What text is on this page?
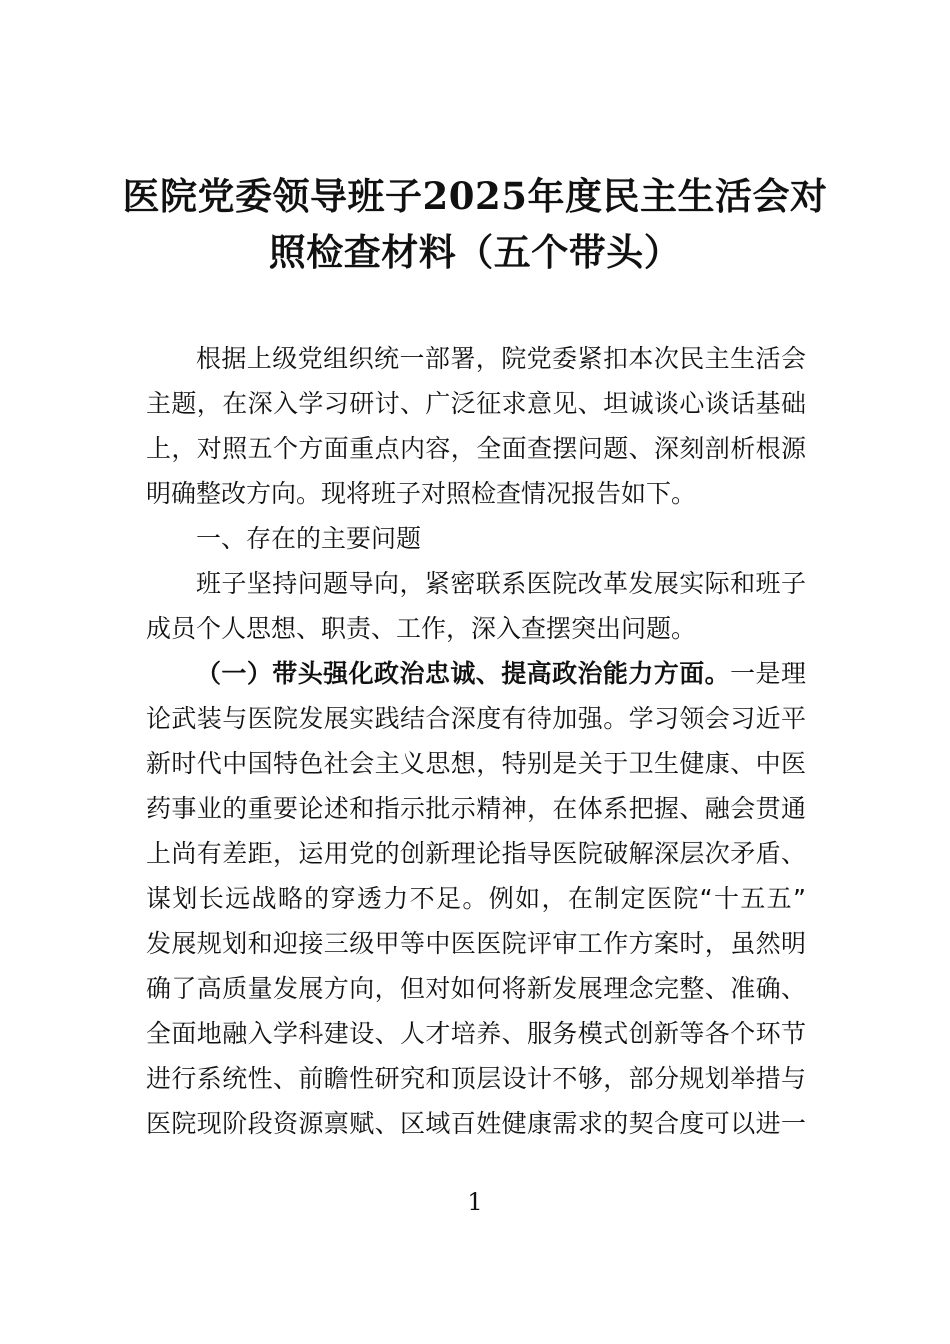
医院党委领导班子2025年度民主生活会对
照检查材料（五个带头）

根据上级党组织统一部署，院党委紧扣本次民主生活会
主题，在深入学习研讨、广泛征求意见、坦诚谈心谈话基础
上，对照五个方面重点内容，全面查摆问题、深刻剖析根源
明确整改方向。现将班子对照检查情况报告如下。

一、存在的主要问题

班子坚持问题导向，紧密联系医院改革发展实际和班子
成员个人思想、职责、工作，深入查摆突出问题。

（一）带头强化政治忠诚、提高政治能力方面。一是理
论武装与医院发展实践结合深度有待加强。学习领会习近平
新时代中国特色社会主义思想，特别是关于卫生健康、中医
药事业的重要论述和指示批示精神，在体系把握、融会贯通
上尚有差距，运用党的创新理论指导医院破解深层次矛盾、
谋划长远战略的穿透力不足。例如，在制定医院“十五五”
发展规划和迎接三级甲等中医医院评审工作方案时，虽然明
确了高质量发展方向，但对如何将新发展理念完整、准确、
全面地融入学科建设、人才培养、服务模式创新等各个环节
进行系统性、前瞻性研究和顶层设计不够，部分规划举措与
医院现阶段资源禀赋、区域百姓健康需求的契合度可以进一

1
